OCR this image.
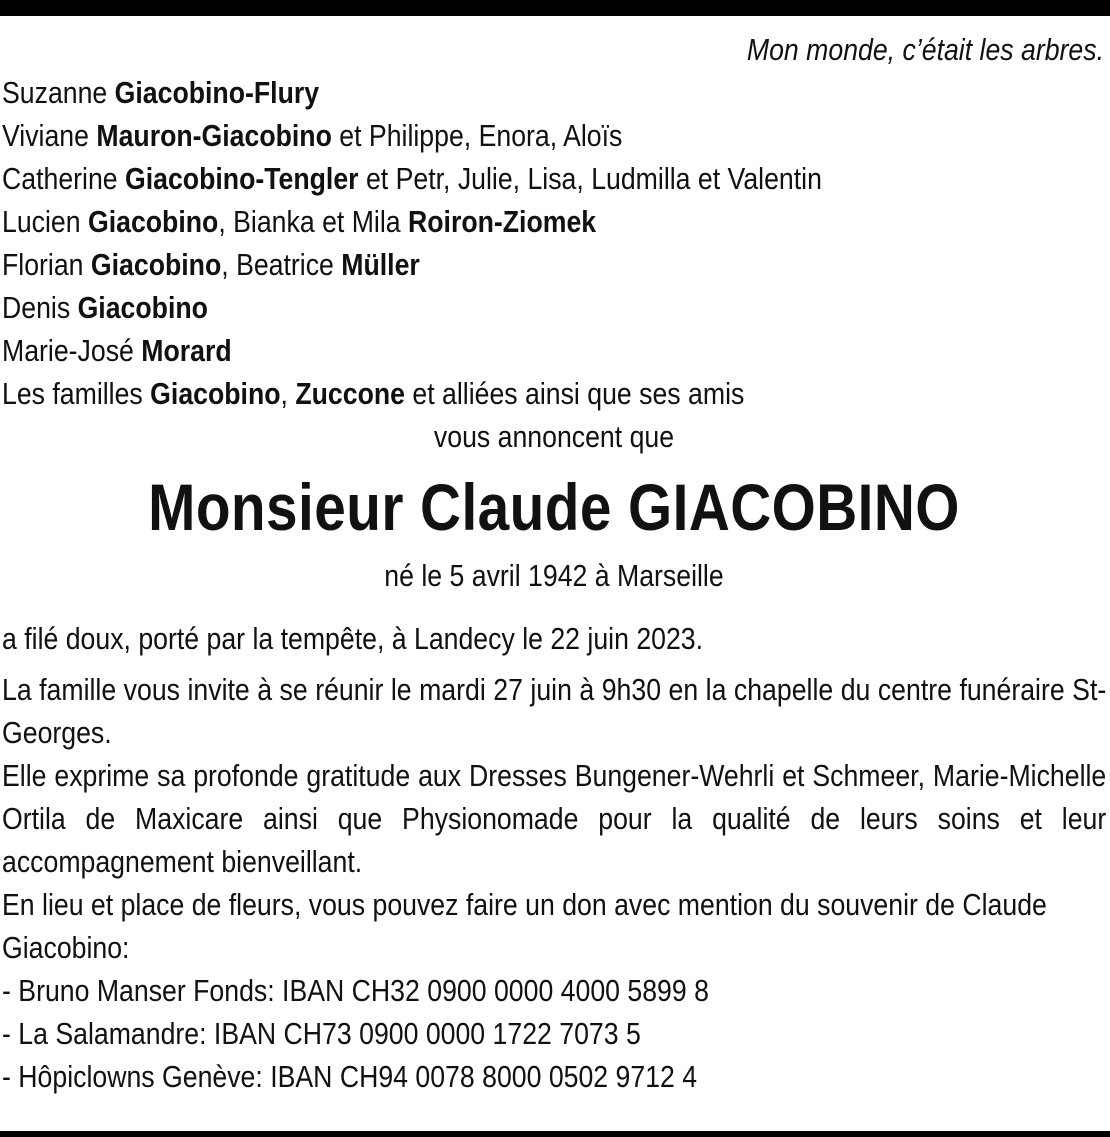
Mon monde, c’était les arbres.
Suzanne Giacobino-Flury
Viviane Mauron-Giacobino et Philippe, Enora, Aloïs
Catherine Giacobino-Tengler et Petr, Julie, Lisa, Ludmilla et Valentin
Lucien Giacobino, Bianka et Mila Roiron-Ziomek
Florian Giacobino, Beatrice Müller
Denis Giacobino
Marie-José Morard
Les familles Giacobino, Zuccone et alliées ainsi que ses amis
vous annoncent que
Monsieur Claude GIACOBINO
né le 5 avril 1942 à Marseille
a filé doux, porté par la tempête, à Landecy le 22 juin 2023.
La famille vous invite à se réunir le mardi 27 juin à 9h30 en la chapelle du centre funéraire St-Georges.
Elle exprime sa profonde gratitude aux Dresses Bungener-Wehrli et Schmeer, Marie-Michelle Ortila de Maxicare ainsi que Physionomade pour la qualité de leurs soins et leur accompagnement bienveillant.
En lieu et place de fleurs, vous pouvez faire un don avec mention du souvenir de Claude Giacobino:
- Bruno Manser Fonds: IBAN CH32 0900 0000 4000 5899 8
- La Salamandre: IBAN CH73 0900 0000 1722 7073 5
- Hôpiclowns Genève: IBAN CH94 0078 8000 0502 9712 4
